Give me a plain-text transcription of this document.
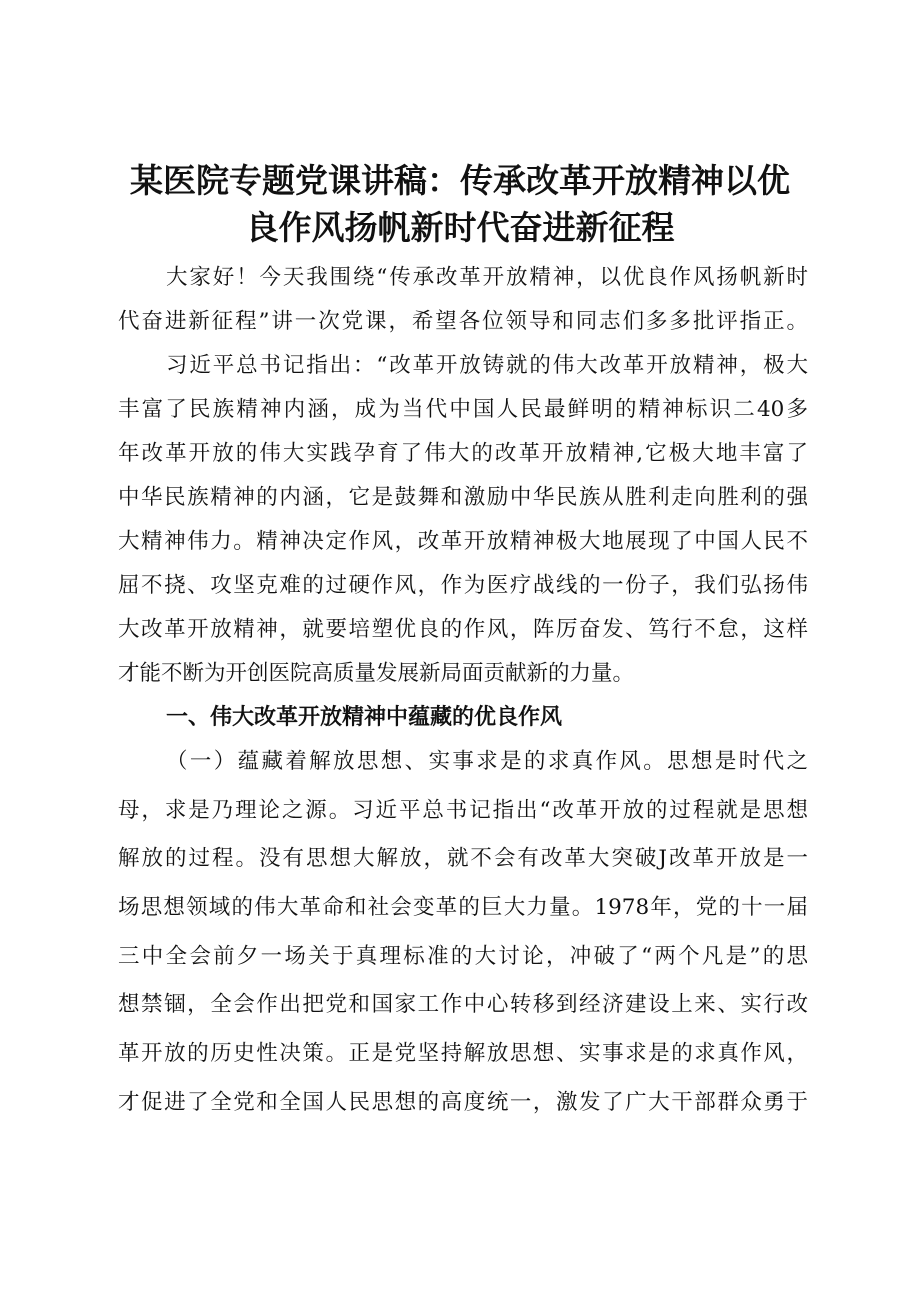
某医院专题党课讲稿：传承改革开放精神以优
良作风扬帆新时代奋进新征程

大家好！今天我围绕“传承改革开放精神，以优良作风扬帆新时

代奋进新征程”讲一次党课，希望各位领导和同志们多多批评指正。

习近平总书记指出：“改革开放铸就的伟大改革开放精神，极大

丰富了民族精神内涵，成为当代中国人民最鲜明的精神标识二40多

年改革开放的伟大实践孕育了伟大的改革开放精神,它极大地丰富了

中华民族精神的内涵，它是鼓舞和激励中华民族从胜利走向胜利的强

大精神伟力。精神决定作风，改革开放精神极大地展现了中国人民不

屈不挠、攻坚克难的过硬作风，作为医疗战线的一份子，我们弘扬伟

大改革开放精神，就要培塑优良的作风，阵厉奋发、笃行不怠，这样

才能不断为开创医院高质量发展新局面贡献新的力量。

一、伟大改革开放精神中蕴藏的优良作风

（一）蕴藏着解放思想、实事求是的求真作风。思想是时代之

母，求是乃理论之源。习近平总书记指出“改革开放的过程就是思想

解放的过程。没有思想大解放，就不会有改革大突破J改革开放是一

场思想领域的伟大革命和社会变革的巨大力量。1978年，党的十一届

三中全会前夕一场关于真理标准的大讨论，冲破了“两个凡是”的思

想禁锢，全会作出把党和国家工作中心转移到经济建设上来、实行改

革开放的历史性决策。正是党坚持解放思想、实事求是的求真作风，

才促进了全党和全国人民思想的高度统一，激发了广大干部群众勇于
